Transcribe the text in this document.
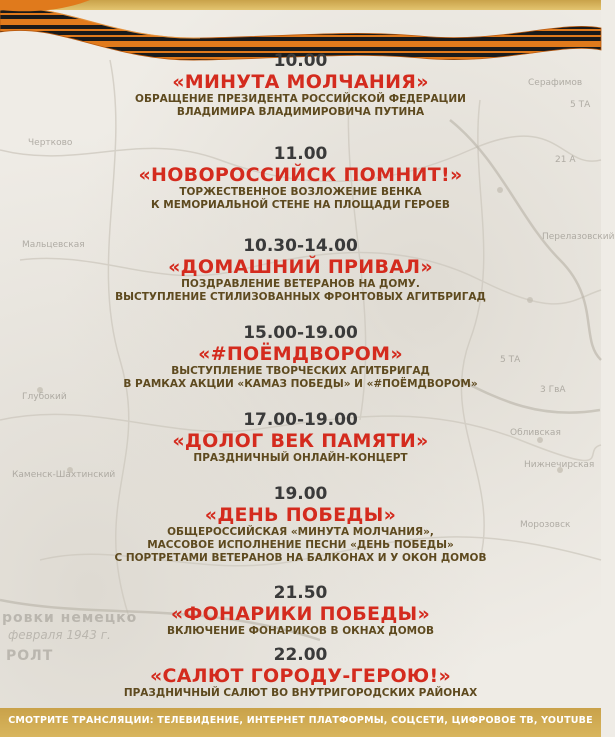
Серафимов
Чертково
Мальцевская
Глубокий
Каменск-Шахтинский
ровки немецко
февраля 1943 г.
РОЛТ
Перелазовский
Обливская
Нижнечирская
Морозовск
5 ТА
21 А
3 ГвА
5 ТА
10.00
«МИНУТА МОЛЧАНИЯ»
ОБРАЩЕНИЕ ПРЕЗИДЕНТА РОССИЙСКОЙ ФЕДЕРАЦИИ
ВЛАДИМИРА ВЛАДИМИРОВИЧА ПУТИНА
11.00
«НОВОРОССИЙСК ПОМНИТ!»
ТОРЖЕСТВЕННОЕ ВОЗЛОЖЕНИЕ ВЕНКА
К МЕМОРИАЛЬНОЙ СТЕНЕ НА ПЛОЩАДИ ГЕРОЕВ
10.30-14.00
«ДОМАШНИЙ ПРИВАЛ»
ПОЗДРАВЛЕНИЕ ВЕТЕРАНОВ НА ДОМУ.
ВЫСТУПЛЕНИЕ СТИЛИЗОВАННЫХ ФРОНТОВЫХ АГИТБРИГАД
15.00-19.00
«#ПОЁМДВОРОМ»
ВЫСТУПЛЕНИЕ ТВОРЧЕСКИХ АГИТБРИГАД
В РАМКАХ АКЦИИ «КАМАЗ ПОБЕДЫ» И «#ПОЁМДВОРОМ»
17.00-19.00
«ДОЛОГ ВЕК ПАМЯТИ»
ПРАЗДНИЧНЫЙ ОНЛАЙН-КОНЦЕРТ
19.00
«ДЕНЬ ПОБЕДЫ»
ОБЩЕРОССИЙСКАЯ «МИНУТА МОЛЧАНИЯ»,
МАССОВОЕ ИСПОЛНЕНИЕ ПЕСНИ «ДЕНЬ ПОБЕДЫ»
С ПОРТРЕТАМИ ВЕТЕРАНОВ НА БАЛКОНАХ И У ОКОН ДОМОВ
21.50
«ФОНАРИКИ ПОБЕДЫ»
ВКЛЮЧЕНИЕ ФОНАРИКОВ В ОКНАХ ДОМОВ
22.00
«САЛЮТ ГОРОДУ-ГЕРОЮ!»
ПРАЗДНИЧНЫЙ САЛЮТ ВО ВНУТРИГОРОДСКИХ РАЙОНАХ
СМОТРИТЕ ТРАНСЛЯЦИИ: ТЕЛЕВИДЕНИЕ, ИНТЕРНЕТ ПЛАТФОРМЫ, СОЦСЕТИ, ЦИФРОВОЕ ТВ, YOUTUBE
